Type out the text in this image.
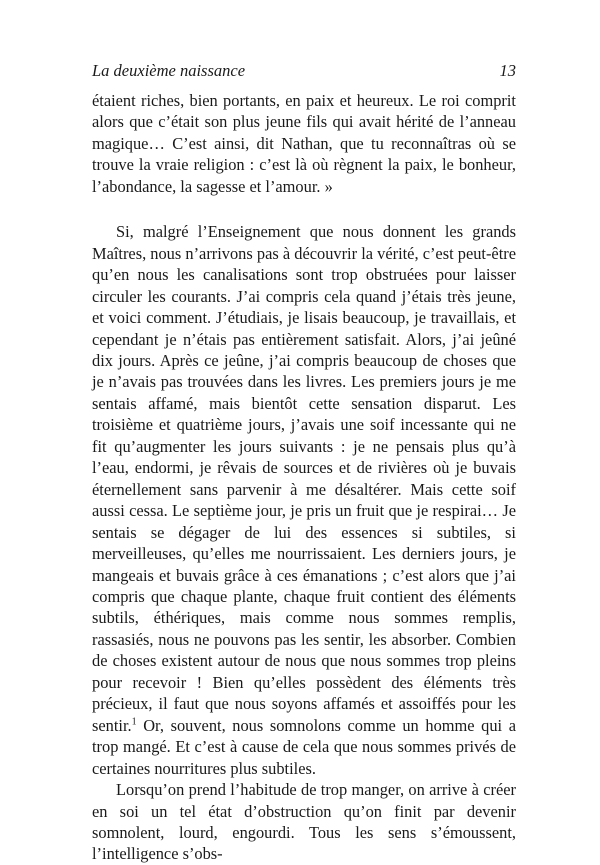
La deuxième naissance	13

étaient riches, bien portants, en paix et heureux. Le roi comprit alors que c’était son plus jeune fils qui avait hérité de l’anneau magique… C’est ainsi, dit Nathan, que tu reconnaîtras où se trouve la vraie religion : c’est là où règnent la paix, le bonheur, l’abondance, la sagesse et l’amour. »

Si, malgré l’Enseignement que nous donnent les grands Maîtres, nous n’arrivons pas à découvrir la vérité, c’est peut-être qu’en nous les canalisations sont trop obstruées pour laisser circuler les courants. J’ai compris cela quand j’étais très jeune, et voici comment. J’étudiais, je lisais beaucoup, je travaillais, et cependant je n’étais pas entièrement satisfait. Alors, j’ai jeûné dix jours. Après ce jeûne, j’ai compris beaucoup de choses que je n’avais pas trouvées dans les livres. Les premiers jours je me sentais affamé, mais bientôt cette sensation disparut. Les troisième et quatrième jours, j’avais une soif incessante qui ne fit qu’augmenter les jours suivants : je ne pensais plus qu’à l’eau, endormi, je rêvais de sources et de rivières où je buvais éternellement sans parvenir à me désaltérer. Mais cette soif aussi cessa. Le septième jour, je pris un fruit que je respirai… Je sentais se dégager de lui des essences si subtiles, si merveilleuses, qu’elles me nourrissaient. Les derniers jours, je mangeais et buvais grâce à ces émanations ; c’est alors que j’ai compris que chaque plante, chaque fruit contient des éléments subtils, éthériques, mais comme nous sommes remplis, rassasiés, nous ne pouvons pas les sentir, les absorber. Combien de choses existent autour de nous que nous sommes trop pleins pour recevoir ! Bien qu’elles possèdent des éléments très précieux, il faut que nous soyons affamés et assoiffés pour les sentir.$^1$ Or, souvent, nous somnolons comme un homme qui a trop mangé. Et c’est à cause de cela que nous sommes privés de certaines nourritures plus subtiles.

Lorsqu’on prend l’habitude de trop manger, on arrive à créer en soi un tel état d’obstruction qu’on finit par devenir somnolent, lourd, engourdi. Tous les sens s’émoussent, l’intelligence s’obs-
